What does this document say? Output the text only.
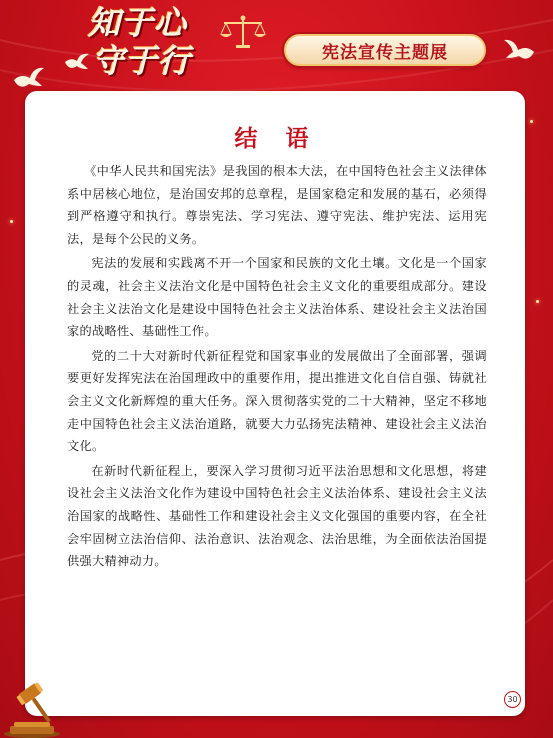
知于心
守于行	宪法宣传主题展
结 语

《中华人民共和国宪法》是我国的根本大法，在中国特色社会主义法律体系中居核心地位，是治国安邦的总章程，是国家稳定和发展的基石，必须得到严格遵守和执行。尊崇宪法、学习宪法、遵守宪法、维护宪法、运用宪法，是每个公民的义务。

宪法的发展和实践离不开一个国家和民族的文化土壤。文化是一个国家的灵魂，社会主义法治文化是中国特色社会主义文化的重要组成部分。建设社会主义法治文化是建设中国特色社会主义法治体系、建设社会主义法治国家的战略性、基础性工作。

党的二十大对新时代新征程党和国家事业的发展做出了全面部署，强调要更好发挥宪法在治国理政中的重要作用，提出推进文化自信自强、铸就社会主义文化新辉煌的重大任务。深入贯彻落实党的二十大精神，坚定不移地走中国特色社会主义法治道路，就要大力弘扬宪法精神、建设社会主义法治文化。

在新时代新征程上，要深入学习贯彻习近平法治思想和文化思想，将建设社会主义法治文化作为建设中国特色社会主义法治体系、建设社会主义法治国家的战略性、基础性工作和建设社会主义文化强国的重要内容，在全社会牢固树立法治信仰、法治意识、法治观念、法治思维，为全面依法治国提供强大精神动力。

30
